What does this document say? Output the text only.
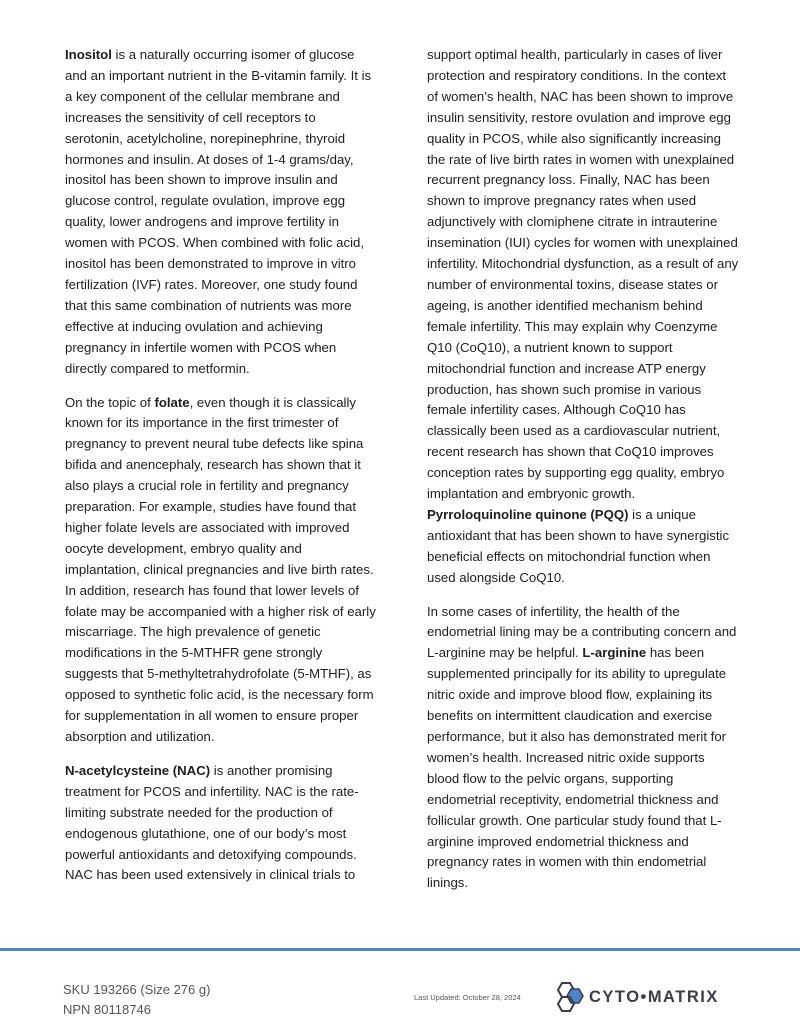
Inositol is a naturally occurring isomer of glucose and an important nutrient in the B-vitamin family. It is a key component of the cellular membrane and increases the sensitivity of cell receptors to serotonin, acetylcholine, norepinephrine, thyroid hormones and insulin. At doses of 1-4 grams/day, inositol has been shown to improve insulin and glucose control, regulate ovulation, improve egg quality, lower androgens and improve fertility in women with PCOS. When combined with folic acid, inositol has been demonstrated to improve in vitro fertilization (IVF) rates. Moreover, one study found that this same combination of nutrients was more effective at inducing ovulation and achieving pregnancy in infertile women with PCOS when directly compared to metformin.

On the topic of folate, even though it is classically known for its importance in the first trimester of pregnancy to prevent neural tube defects like spina bifida and anencephaly, research has shown that it also plays a crucial role in fertility and pregnancy preparation. For example, studies have found that higher folate levels are associated with improved oocyte development, embryo quality and implantation, clinical pregnancies and live birth rates. In addition, research has found that lower levels of folate may be accompanied with a higher risk of early miscarriage. The high prevalence of genetic modifications in the 5-MTHFR gene strongly suggests that 5-methyltetrahydrofolate (5-MTHF), as opposed to synthetic folic acid, is the necessary form for supplementation in all women to ensure proper absorption and utilization.

N-acetylcysteine (NAC) is another promising treatment for PCOS and infertility. NAC is the rate-limiting substrate needed for the production of endogenous glutathione, one of our body’s most powerful antioxidants and detoxifying compounds. NAC has been used extensively in clinical trials to

support optimal health, particularly in cases of liver protection and respiratory conditions. In the context of women’s health, NAC has been shown to improve insulin sensitivity, restore ovulation and improve egg quality in PCOS, while also significantly increasing the rate of live birth rates in women with unexplained recurrent pregnancy loss. Finally, NAC has been shown to improve pregnancy rates when used adjunctively with clomiphene citrate in intrauterine insemination (IUI) cycles for women with unexplained infertility. Mitochondrial dysfunction, as a result of any number of environmental toxins, disease states or ageing, is another identified mechanism behind female infertility. This may explain why Coenzyme Q10 (CoQ10), a nutrient known to support mitochondrial function and increase ATP energy production, has shown such promise in various female infertility cases. Although CoQ10 has classically been used as a cardiovascular nutrient, recent research has shown that CoQ10 improves conception rates by supporting egg quality, embryo implantation and embryonic growth. Pyrroloquinoline quinone (PQQ) is a unique antioxidant that has been shown to have synergistic beneficial effects on mitochondrial function when used alongside CoQ10.

In some cases of infertility, the health of the endometrial lining may be a contributing concern and L-arginine may be helpful. L-arginine has been supplemented principally for its ability to upregulate nitric oxide and improve blood flow, explaining its benefits on intermittent claudication and exercise performance, but it also has demonstrated merit for women’s health. Increased nitric oxide supports blood flow to the pelvic organs, supporting endometrial receptivity, endometrial thickness and follicular growth. One particular study found that L-arginine improved endometrial thickness and pregnancy rates in women with thin endometrial linings.

SKU 193266 (Size 276 g)
NPN 80118746
Last Updated: October 28, 2024	CYTO•MATRIX
